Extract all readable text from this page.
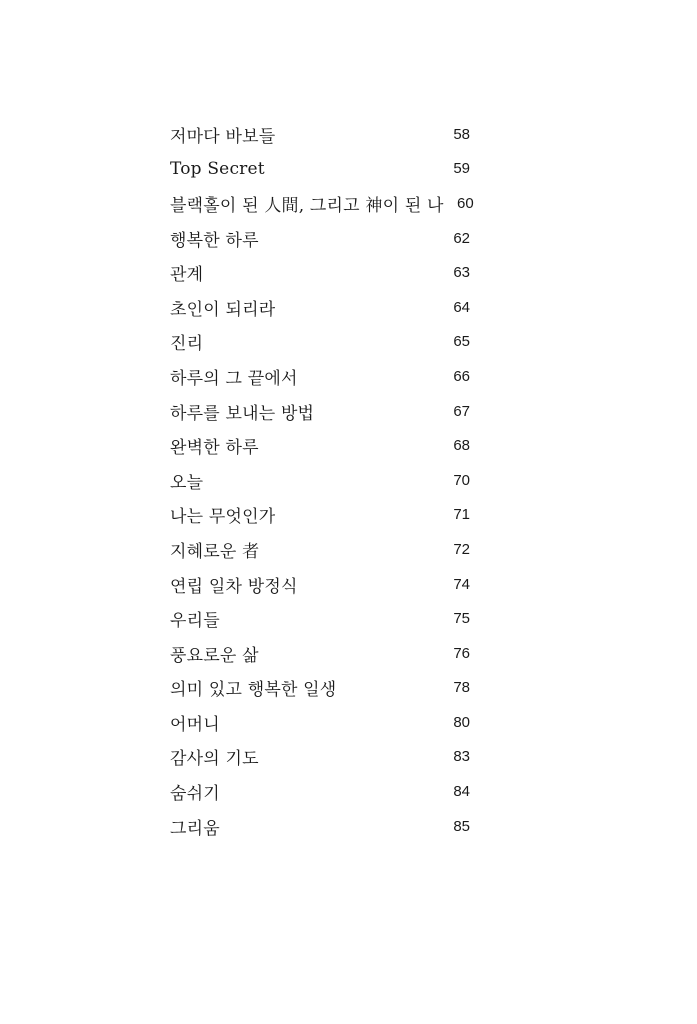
저마다 바보들	58
Top Secret	59
블랙홀이 된 人間, 그리고 神이 된 나 60
행복한 하루	62
관계	63
초인이 되리라	64
진리	65
하루의 그 끝에서	66
하루를 보내는 방법	67
완벽한 하루	68
오늘	70
나는 무엇인가	71
지혜로운 者	72
연립 일차 방정식	74
우리들	75
풍요로운 삶	76
의미 있고 행복한 일생	78
어머니	80
감사의 기도	83
숨쉬기	84
그리움	85
